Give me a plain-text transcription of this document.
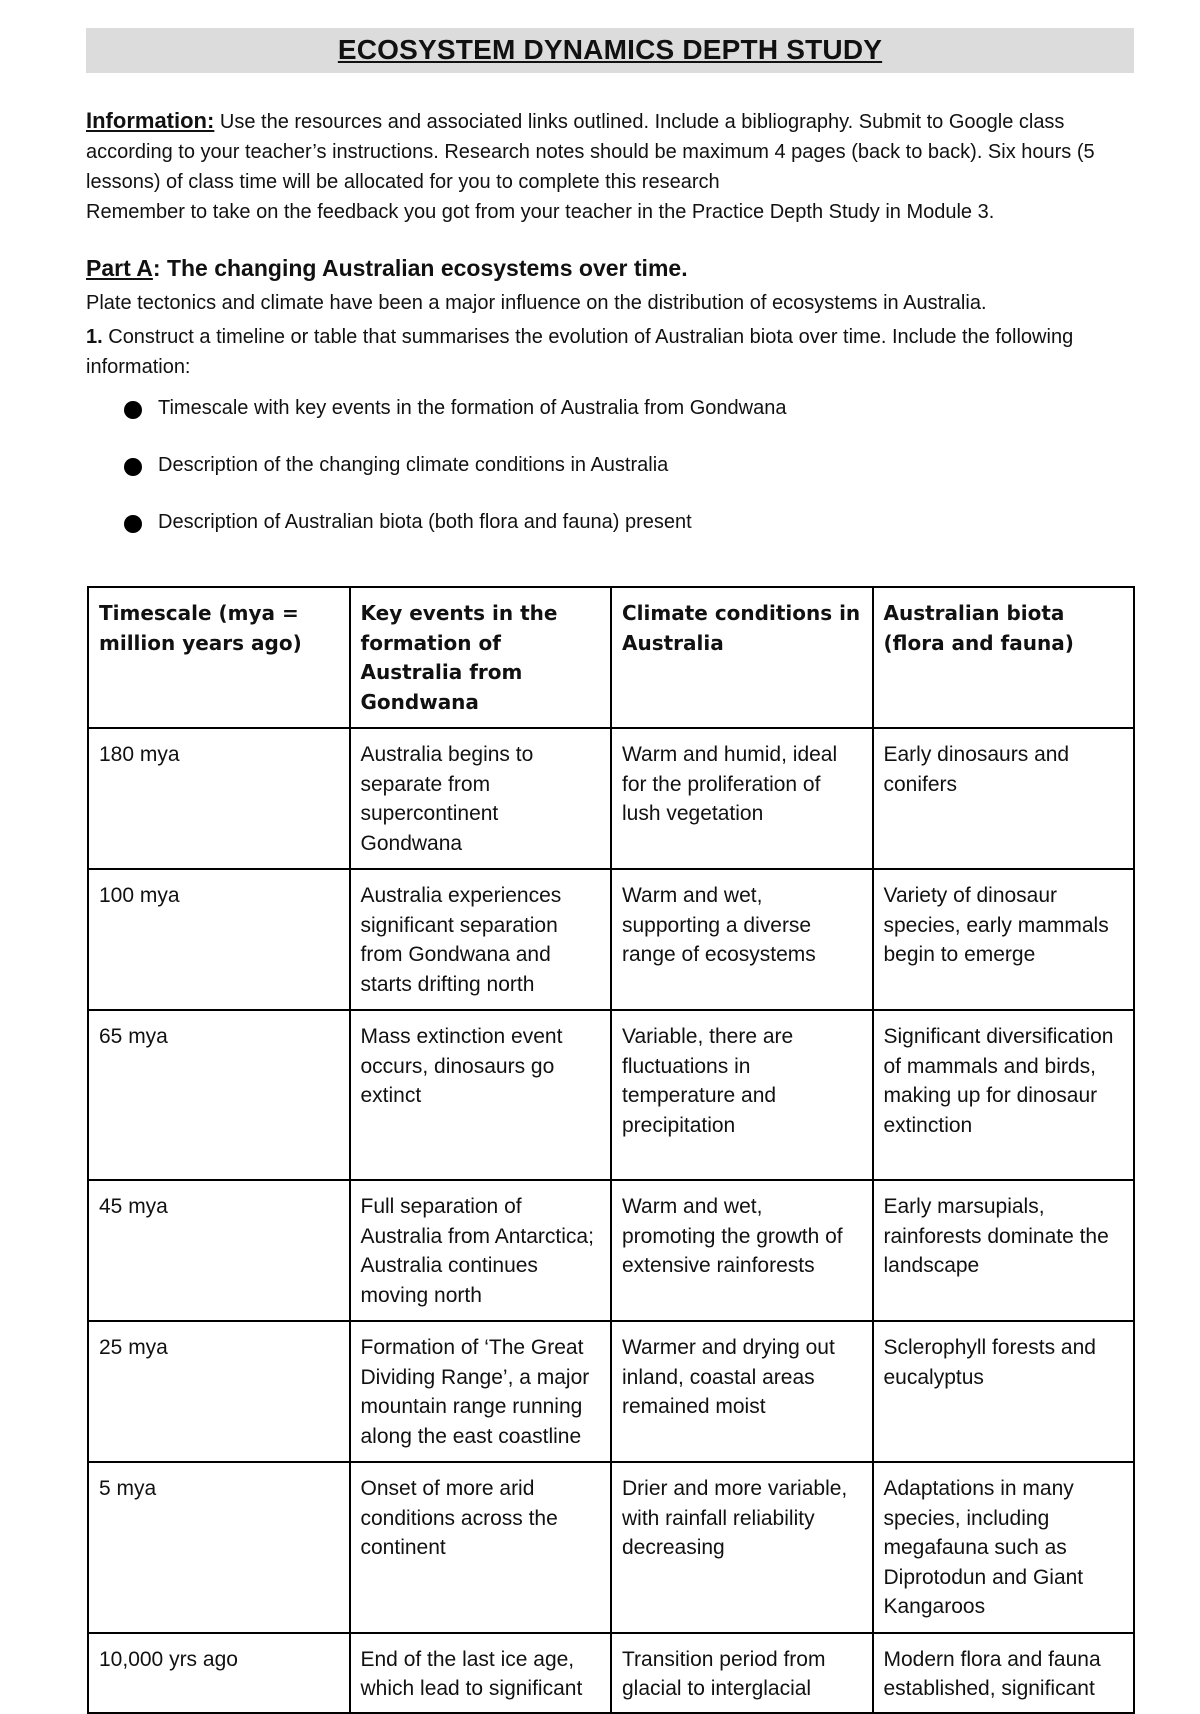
ECOSYSTEM DYNAMICS DEPTH STUDY
Information: Use the resources and associated links outlined. Include a bibliography. Submit to Google class according to your teacher’s instructions. Research notes should be maximum 4 pages (back to back). Six hours (5 lessons) of class time will be allocated for you to complete this research
Remember to take on the feedback you got from your teacher in the Practice Depth Study in Module 3.
Part A: The changing Australian ecosystems over time.
Plate tectonics and climate have been a major influence on the distribution of ecosystems in Australia.
1. Construct a timeline or table that summarises the evolution of Australian biota over time. Include the following information:
Timescale with key events in the formation of Australia from Gondwana
Description of the changing climate conditions in Australia
Description of Australian biota (both flora and fauna) present
Timescale (mya = million years ago)	Key events in the formation of Australia from Gondwana	Climate conditions in Australia	Australian biota (flora and fauna)
180 mya	Australia begins to separate from supercontinent Gondwana	Warm and humid, ideal for the proliferation of lush vegetation	Early dinosaurs and conifers
100 mya	Australia experiences significant separation from Gondwana and starts drifting north	Warm and wet, supporting a diverse range of ecosystems	Variety of dinosaur species, early mammals begin to emerge
65 mya	Mass extinction event occurs, dinosaurs go extinct	Variable, there are fluctuations in temperature and precipitation	Significant diversification of mammals and birds, making up for dinosaur extinction
45 mya	Full separation of Australia from Antarctica; Australia continues moving north	Warm and wet, promoting the growth of extensive rainforests	Early marsupials, rainforests dominate the landscape
25 mya	Formation of ‘The Great Dividing Range’, a major mountain range running along the east coastline	Warmer and drying out inland, coastal areas remained moist	Sclerophyll forests and eucalyptus
5 mya	Onset of more arid conditions across the continent	Drier and more variable, with rainfall reliability decreasing	Adaptations in many species, including megafauna such as Diprotodun and Giant Kangaroos
10,000 yrs ago	End of the last ice age, which lead to significant	Transition period from glacial to interglacial	Modern flora and fauna established, significant
